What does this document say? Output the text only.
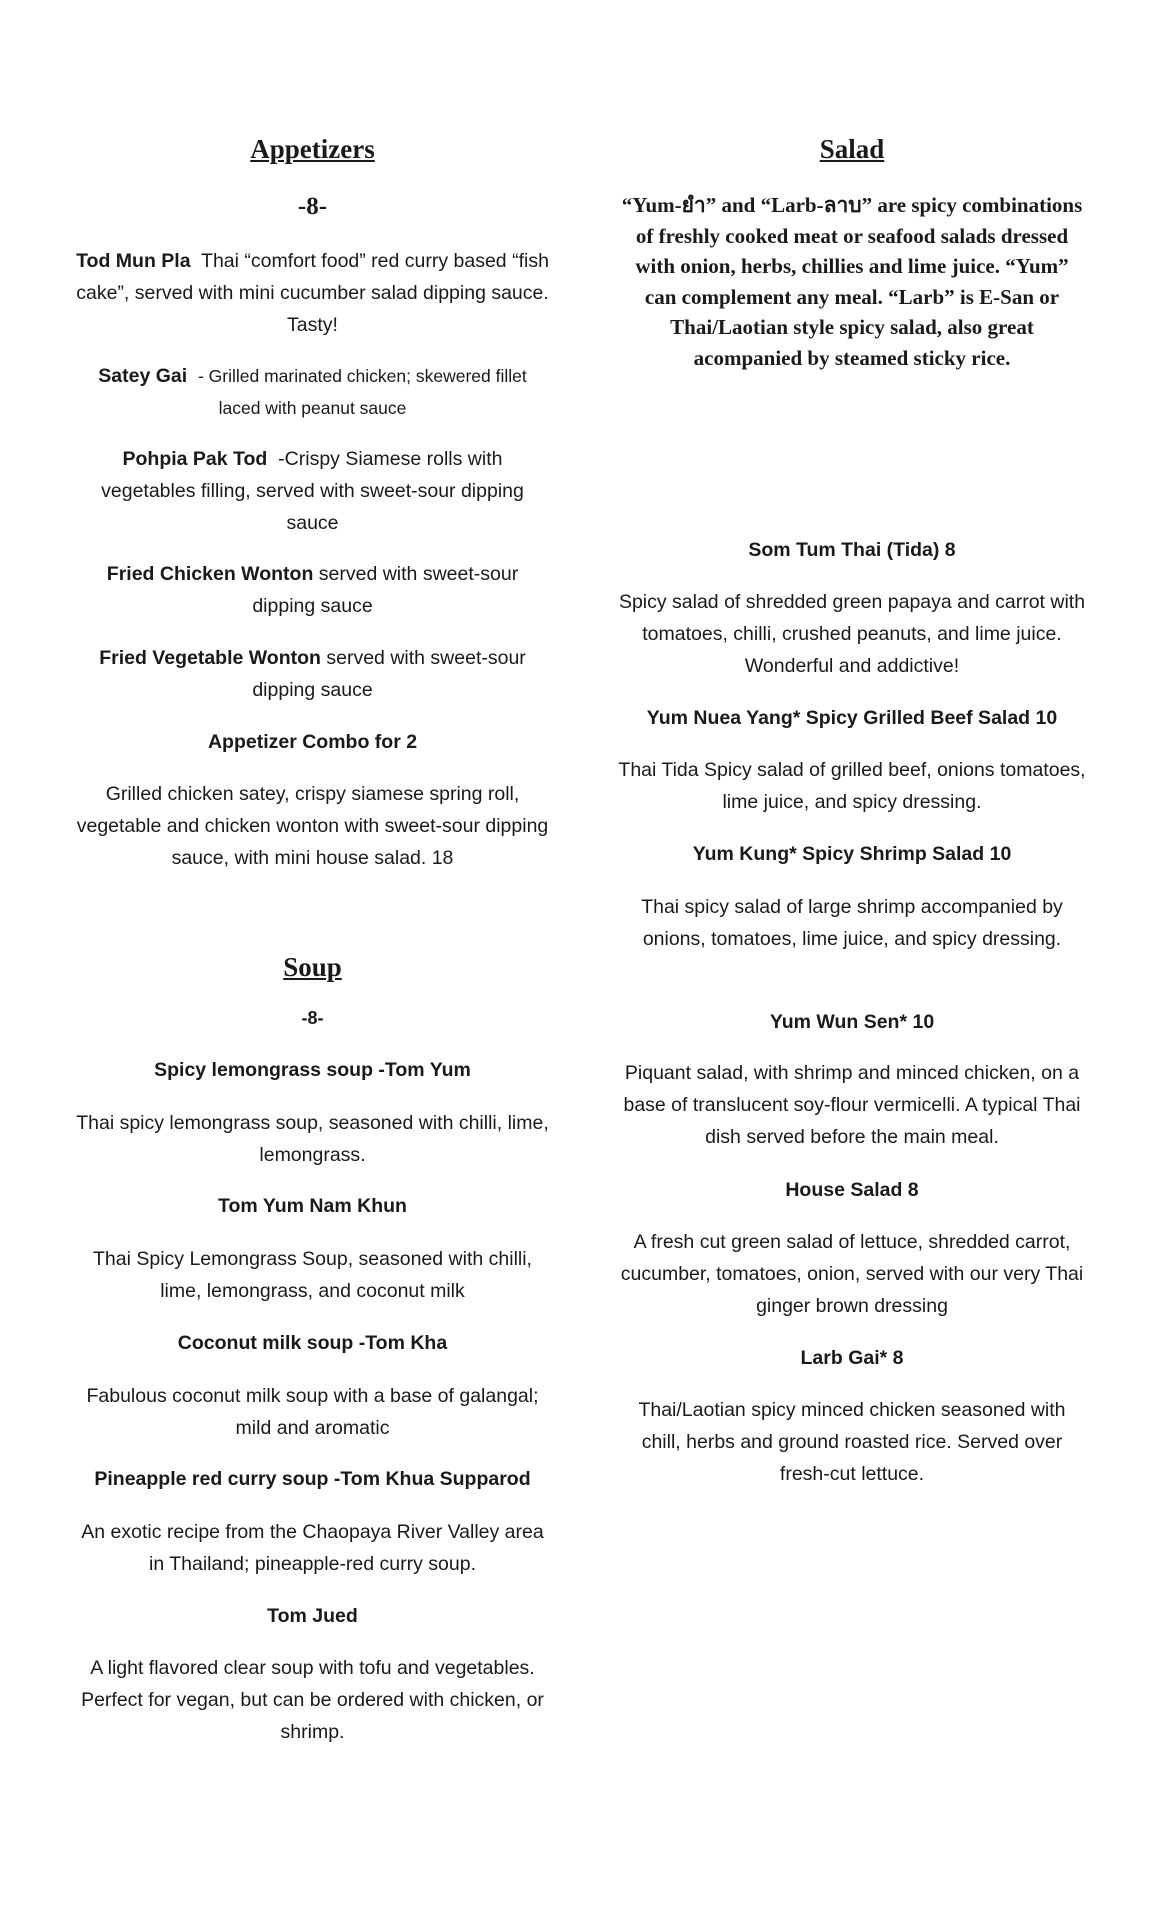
Appetizers
-8-

Tod Mun Pla Thai “comfort food” red curry based “fish cake”, served with mini cucumber salad dipping sauce. Tasty!

Satey Gai - Grilled marinated chicken; skewered fillet laced with peanut sauce

Pohpia Pak Tod -Crispy Siamese rolls with vegetables filling, served with sweet-sour dipping sauce

Fried Chicken Wonton served with sweet-sour dipping sauce

Fried Vegetable Wonton served with sweet-sour dipping sauce

Appetizer Combo for 2

Grilled chicken satey, crispy siamese spring roll, vegetable and chicken wonton with sweet-sour dipping sauce, with mini house salad. 18

Soup
-8-

Spicy lemongrass soup -Tom Yum

Thai spicy lemongrass soup, seasoned with chilli, lime, lemongrass.

Tom Yum Nam Khun

Thai Spicy Lemongrass Soup, seasoned with chilli, lime, lemongrass, and coconut milk

Coconut milk soup -Tom Kha

Fabulous coconut milk soup with a base of galangal; mild and aromatic

Pineapple red curry soup -Tom Khua Supparod

An exotic recipe from the Chaopaya River Valley area in Thailand; pineapple-red curry soup.

Tom Jued

A light flavored clear soup with tofu and vegetables. Perfect for vegan, but can be ordered with chicken, or shrimp.

Salad

“Yum-ยำ” and “Larb-ลาบ” are spicy combinations of freshly cooked meat or seafood salads dressed with onion, herbs, chillies and lime juice. “Yum” can complement any meal. “Larb” is E-San or Thai/Laotian style spicy salad, also great acompanied by steamed sticky rice.

Som Tum Thai (Tida) 8

Spicy salad of shredded green papaya and carrot with tomatoes, chilli, crushed peanuts, and lime juice. Wonderful and addictive!

Yum Nuea Yang* Spicy Grilled Beef Salad 10

Thai Tida Spicy salad of grilled beef, onions tomatoes, lime juice, and spicy dressing.

Yum Kung* Spicy Shrimp Salad 10

Thai spicy salad of large shrimp accompanied by onions, tomatoes, lime juice, and spicy dressing.

Yum Wun Sen* 10

Piquant salad, with shrimp and minced chicken, on a base of translucent soy-flour vermicelli. A typical Thai dish served before the main meal.

House Salad 8

A fresh cut green salad of lettuce, shredded carrot, cucumber, tomatoes, onion, served with our very Thai ginger brown dressing

Larb Gai* 8

Thai/Laotian spicy minced chicken seasoned with chill, herbs and ground roasted rice. Served over fresh-cut lettuce.
